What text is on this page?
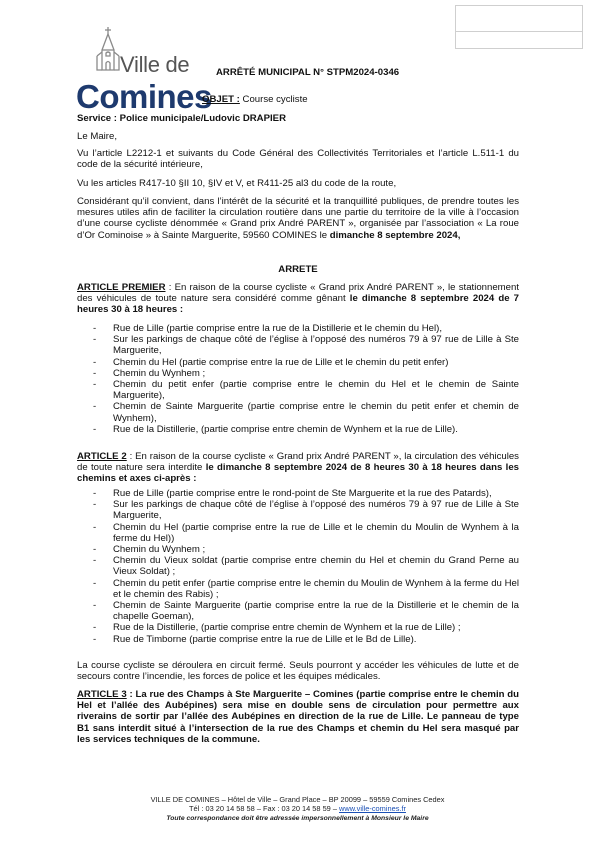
Ville de
Comines
ARRÊTÉ MUNICIPAL N° STPM2024-0346
OBJET : Course cycliste
Service : Police municipale/Ludovic DRAPIER
Le Maire,
Vu l’article L2212-1 et suivants du Code Général des Collectivités Territoriales et l’article L.511-1 du code de la sécurité intérieure,
Vu les articles R417-10 §II 10, §IV et V, et R411-25 al3 du code de la route,
Considérant qu’il convient, dans l’intérêt de la sécurité et la tranquillité publiques, de prendre toutes les mesures utiles afin de faciliter la circulation routière dans une partie du territoire de la ville à l’occasion d’une course cycliste dénommée « Grand prix André PARENT », organisée par l’association « La roue d’Or Cominoise » à Sainte Marguerite, 59560 COMINES le dimanche 8 septembre 2024,
ARRETE
ARTICLE PREMIER : En raison de la course cycliste « Grand prix André PARENT », le stationnement des véhicules de toute nature sera considéré comme gênant le dimanche 8 septembre 2024 de 7 heures 30 à 18 heures :
- Rue de Lille (partie comprise entre la rue de la Distillerie et le chemin du Hel),
- Sur les parkings de chaque côté de l’église à l’opposé des numéros 79 à 97 rue de Lille à Ste Marguerite,
- Chemin du Hel (partie comprise entre la rue de Lille et le chemin du petit enfer)
- Chemin du Wynhem ;
- Chemin du petit enfer (partie comprise entre le chemin du Hel et le chemin de Sainte Marguerite),
- Chemin de Sainte Marguerite (partie comprise entre le chemin du petit enfer et chemin de Wynhem),
- Rue de la Distillerie, (partie comprise entre chemin de Wynhem et la rue de Lille).
ARTICLE 2 : En raison de la course cycliste « Grand prix André PARENT », la circulation des véhicules de toute nature sera interdite le dimanche 8 septembre 2024 de 8 heures 30 à 18 heures dans les chemins et axes ci-après :
- Rue de Lille (partie comprise entre le rond-point de Ste Marguerite et la rue des Patards),
- Sur les parkings de chaque côté de l’église à l’opposé des numéros 79 à 97 rue de Lille à Ste Marguerite,
- Chemin du Hel (partie comprise entre la rue de Lille et le chemin du Moulin de Wynhem à la ferme du Hel))
- Chemin du Wynhem ;
- Chemin du Vieux soldat (partie comprise entre chemin du Hel et chemin du Grand Perne au Vieux Soldat) ;
- Chemin du petit enfer (partie comprise entre le chemin du Moulin de Wynhem à la ferme du Hel et le chemin des Rabis) ;
- Chemin de Sainte Marguerite (partie comprise entre la rue de la Distillerie et le chemin de la chapelle Goeman),
- Rue de la Distillerie, (partie comprise entre chemin de Wynhem et la rue de Lille) ;
- Rue de Timborne (partie comprise entre la rue de Lille et le Bd de Lille).
La course cycliste se déroulera en circuit fermé. Seuls pourront y accéder les véhicules de lutte et de secours contre l’incendie, les forces de police et les équipes médicales.
ARTICLE 3 : La rue des Champs à Ste Marguerite – Comines (partie comprise entre le chemin du Hel et l’allée des Aubépines) sera mise en double sens de circulation pour permettre aux riverains de sortir par l’allée des Aubépines en direction de la rue de Lille. Le panneau de type B1 sans interdit situé à l’intersection de la rue des Champs et chemin du Hel sera masqué par les services techniques de la commune.
VILLE DE COMINES – Hôtel de Ville – Grand Place – BP 20099 – 59559 Comines Cedex
Tél : 03 20 14 58 58 – Fax : 03 20 14 58 59 – www.ville-comines.fr
Toute correspondance doit être adressée impersonnellement à Monsieur le Maire
